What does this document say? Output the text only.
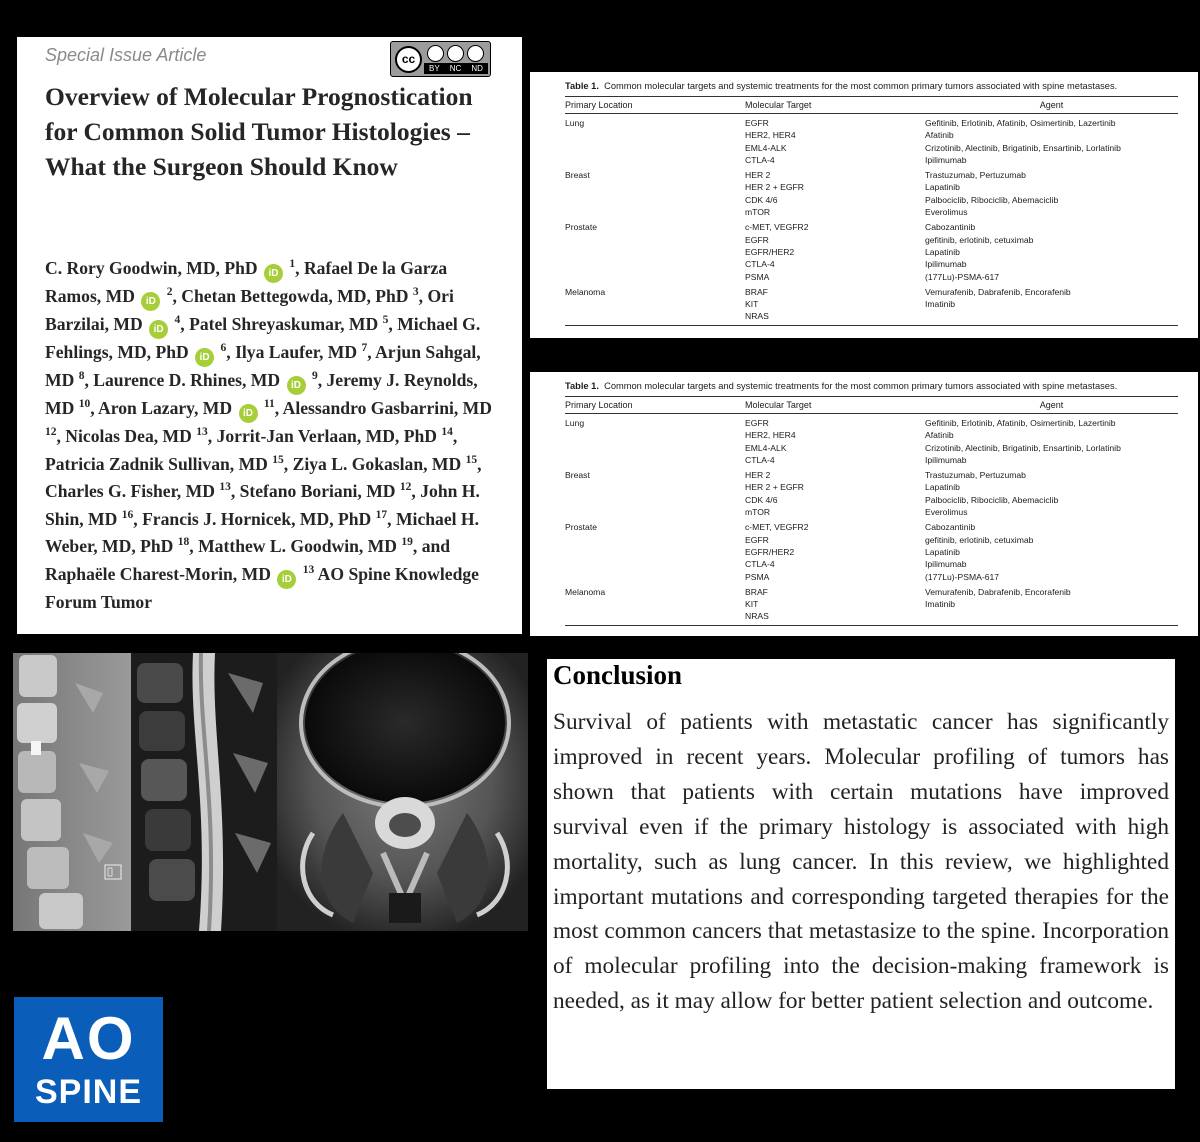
Special Issue Article	cc
BY NC ND
Overview of Molecular Prognostication for Common Solid Tumor Histologies – What the Surgeon Should Know
C. Rory Goodwin, MD, PhD iD $^1$, Rafael De la Garza Ramos, MD iD $^2$, Chetan Bettegowda, MD, PhD $^3$, Ori Barzilai, MD iD $^4$, Patel Shreyaskumar, MD $^5$, Michael G. Fehlings, MD, PhD iD $^6$, Ilya Laufer, MD $^7$, Arjun Sahgal, MD $^8$, Laurence D. Rhines, MD iD $^9$, Jeremy J. Reynolds, MD $^{10}$, Aron Lazary, MD iD $^{11}$, Alessandro Gasbarrini, MD $^{12}$, Nicolas Dea, MD $^{13}$, Jorrit-Jan Verlaan, MD, PhD $^{14}$, Patricia Zadnik Sullivan, MD $^{15}$, Ziya L. Gokaslan, MD $^{15}$, Charles G. Fisher, MD $^{13}$, Stefano Boriani, MD $^{12}$, John H. Shin, MD $^{16}$, Francis J. Hornicek, MD, PhD $^{17}$, Michael H. Weber, MD, PhD $^{18}$, Matthew L. Goodwin, MD $^{19}$, and Raphaële Charest-Morin, MD iD $^{13}$ AO Spine Knowledge Forum Tumor
Table 1. Common molecular targets and systemic treatments for the most common primary tumors associated with spine metastases.
Primary Location	Molecular Target	Agent
Lung	EGFR	Gefitinib, Erlotinib, Afatinib, Osimertinib, Lazertinib
	HER2, HER4	Afatinib
	EML4-ALK	Crizotinib, Alectinib, Brigatinib, Ensartinib, Lorlatinib
	CTLA-4	Ipilimumab
Breast	HER 2	Trastuzumab, Pertuzumab
	HER 2 + EGFR	Lapatinib
	CDK 4/6	Palbociclib, Ribociclib, Abemaciclib
	mTOR	Everolimus
Prostate	c-MET, VEGFR2	Cabozantinib
	EGFR	gefitinib, erlotinib, cetuximab
	EGFR/HER2	Lapatinib
	CTLA-4	Ipilimumab
	PSMA	(177Lu)-PSMA-617
Melanoma	BRAF	Vemurafenib, Dabrafenib, Encorafenib
	KIT	Imatinib
	NRAS	
Table 1. Common molecular targets and systemic treatments for the most common primary tumors associated with spine metastases.
Primary Location	Molecular Target	Agent
Lung	EGFR	Gefitinib, Erlotinib, Afatinib, Osimertinib, Lazertinib
	HER2, HER4	Afatinib
	EML4-ALK	Crizotinib, Alectinib, Brigatinib, Ensartinib, Lorlatinib
	CTLA-4	Ipilimumab
Breast	HER 2	Trastuzumab, Pertuzumab
	HER 2 + EGFR	Lapatinib
	CDK 4/6	Palbociclib, Ribociclib, Abemaciclib
	mTOR	Everolimus
Prostate	c-MET, VEGFR2	Cabozantinib
	EGFR	gefitinib, erlotinib, cetuximab
	EGFR/HER2	Lapatinib
	CTLA-4	Ipilimumab
	PSMA	(177Lu)-PSMA-617
Melanoma	BRAF	Vemurafenib, Dabrafenib, Encorafenib
	KIT	Imatinib
	NRAS	
Conclusion

Survival of patients with metastatic cancer has significantly improved in recent years. Molecular profiling of tumors has shown that patients with certain mutations have improved survival even if the primary histology is associated with high mortality, such as lung cancer. In this review, we highlighted important mutations and corresponding targeted therapies for the most common cancers that metastasize to the spine. Incorporation of molecular profiling into the decision-making framework is needed, as it may allow for better patient selection and outcome.

AO
SPINE
